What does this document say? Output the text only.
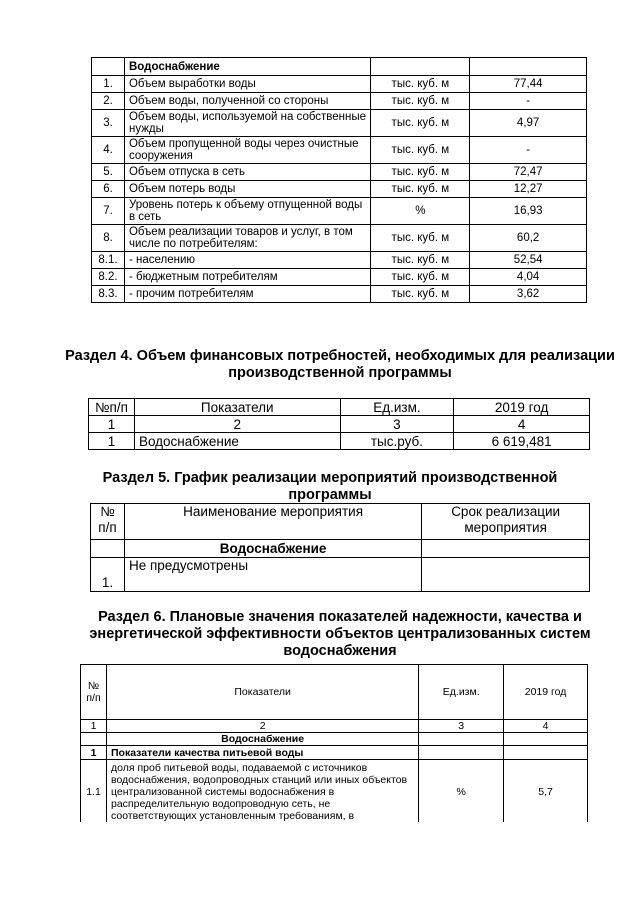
	Водоснабжение		
1.	Объем выработки воды	тыс. куб. м	77,44
2.	Объем воды, полученной со стороны	тыс. куб. м	-
3.	Объем воды, используемой на собственные нужды	тыс. куб. м	4,97
4.	Объем пропущенной воды через очистные сооружения	тыс. куб. м	-
5.	Объем отпуска в сеть	тыс. куб. м	72,47
6.	Объем потерь воды	тыс. куб. м	12,27
7.	Уровень потерь к объему отпущенной воды в сеть	%	16,93
8.	Объем реализации товаров и услуг, в том числе по потребителям:	тыс. куб. м	60,2
8.1.	- населению	тыс. куб. м	52,54
8.2.	- бюджетным потребителям	тыс. куб. м	4,04
8.3.	- прочим потребителям	тыс. куб. м	3,62
Раздел 4. Объем финансовых потребностей, необходимых для реализации производственной программы
№п/п	Показатели	Ед.изм.	2019 год
1	2	3	4
1	Водоснабжение	тыс.руб.	6 619,481
Раздел 5. График реализации мероприятий производственной программы
№ п/п	Наименование мероприятия	Срок реализации мероприятия
	Водоснабжение	
1.	Не предусмотрены	
Раздел 6. Плановые значения показателей надежности, качества и энергетической эффективности объектов централизованных систем водоснабжения
№ п/п	Показатели	Ед.изм.	2019 год
1	2	3	4
	Водоснабжение		
1	Показатели качества питьевой воды		
1.1	доля проб питьевой воды, подаваемой с источников водоснабжения, водопроводных станций или иных объектов централизованной системы водоснабжения в распределительную водопроводную сеть, не соответствующих установленным требованиям, в	%	5,7
